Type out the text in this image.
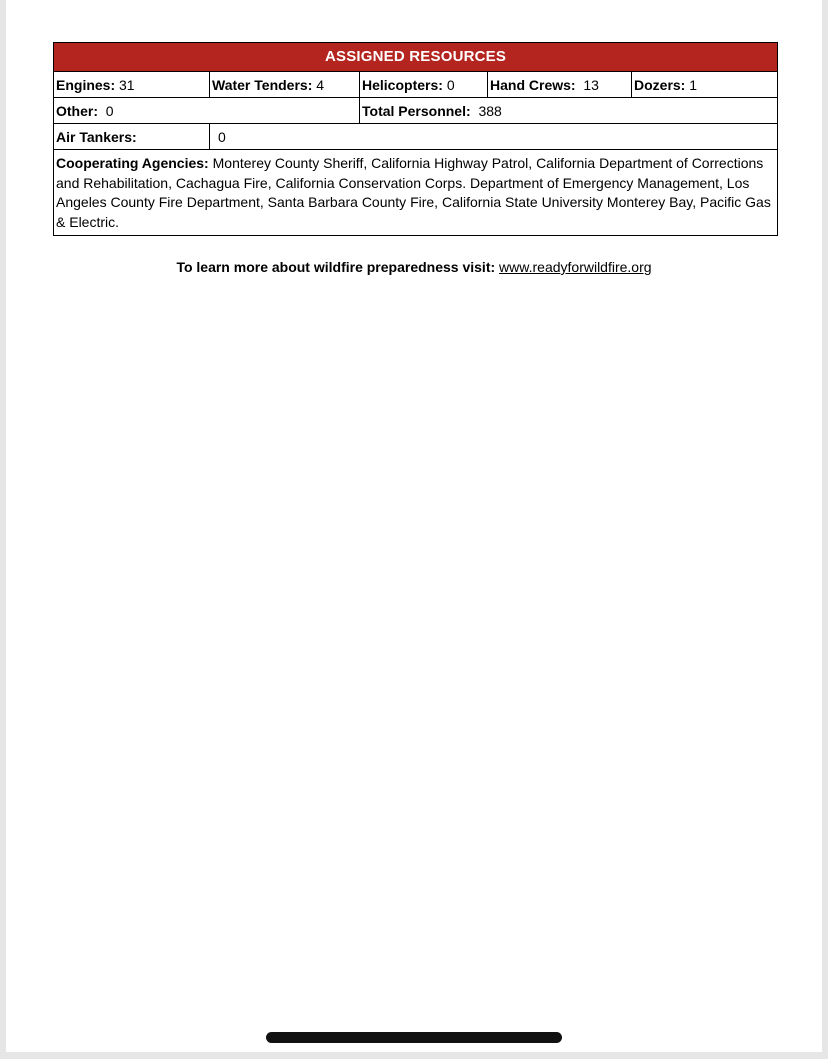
ASSIGNED RESOURCES				
Engines: 31	Water Tenders: 4	Helicopters: 0	Hand Crews: 13	Dozers: 1
Other: 0		Total Personnel: 388		
Air Tankers:	0			
Cooperating Agencies: Monterey County Sheriff, California Highway Patrol, California Department of Corrections and Rehabilitation, Cachagua Fire, California Conservation Corps. Department of Emergency Management, Los Angeles County Fire Department, Santa Barbara County Fire, California State University Monterey Bay, Pacific Gas & Electric.				
To learn more about wildfire preparedness visit: www.readyforwildfire.org
